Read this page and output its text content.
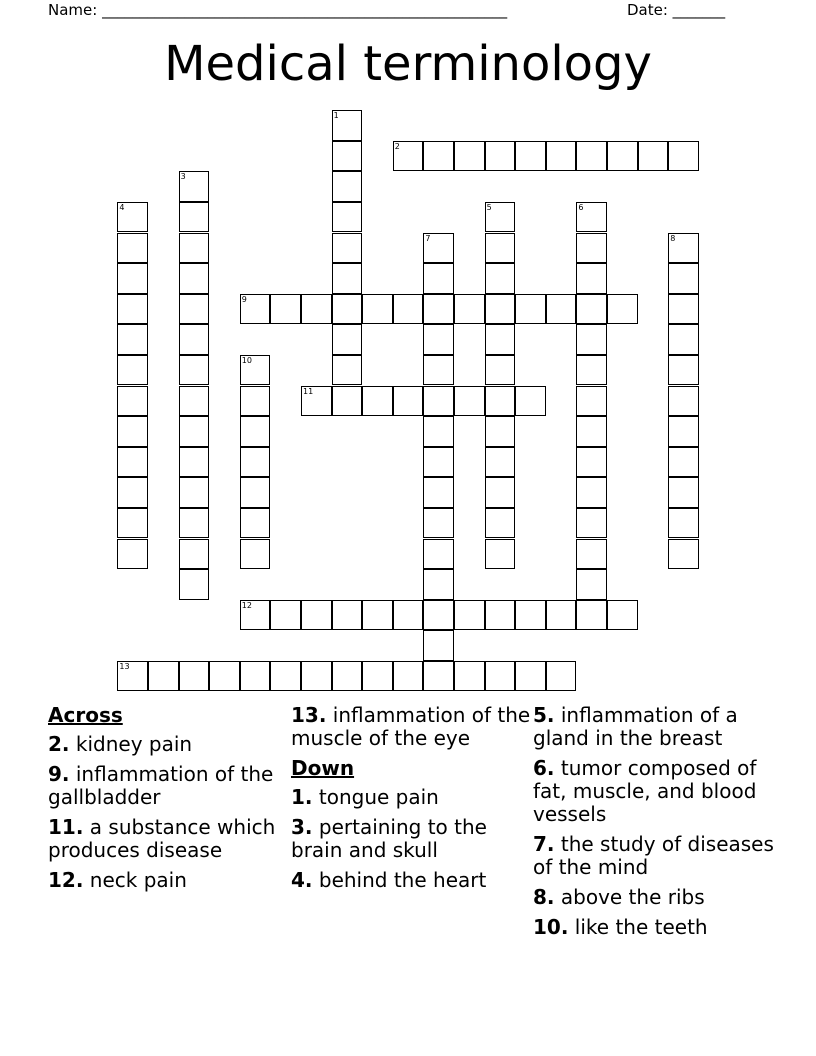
Name: ______________________________________________________	Date: _______
Medical terminology
2
9
11
12
13
1
3
4	5	6
7	8
10
Across
2. kidney pain
9. inflammation of the gallbladder
11. a substance which produces disease
12. neck pain
13. inflammation of the muscle of the eye
Down
1. tongue pain
3. pertaining to the brain and skull
4. behind the heart
5. inflammation of a gland in the breast
6. tumor composed of fat, muscle, and blood vessels
7. the study of diseases of the mind
8. above the ribs
10. like the teeth
